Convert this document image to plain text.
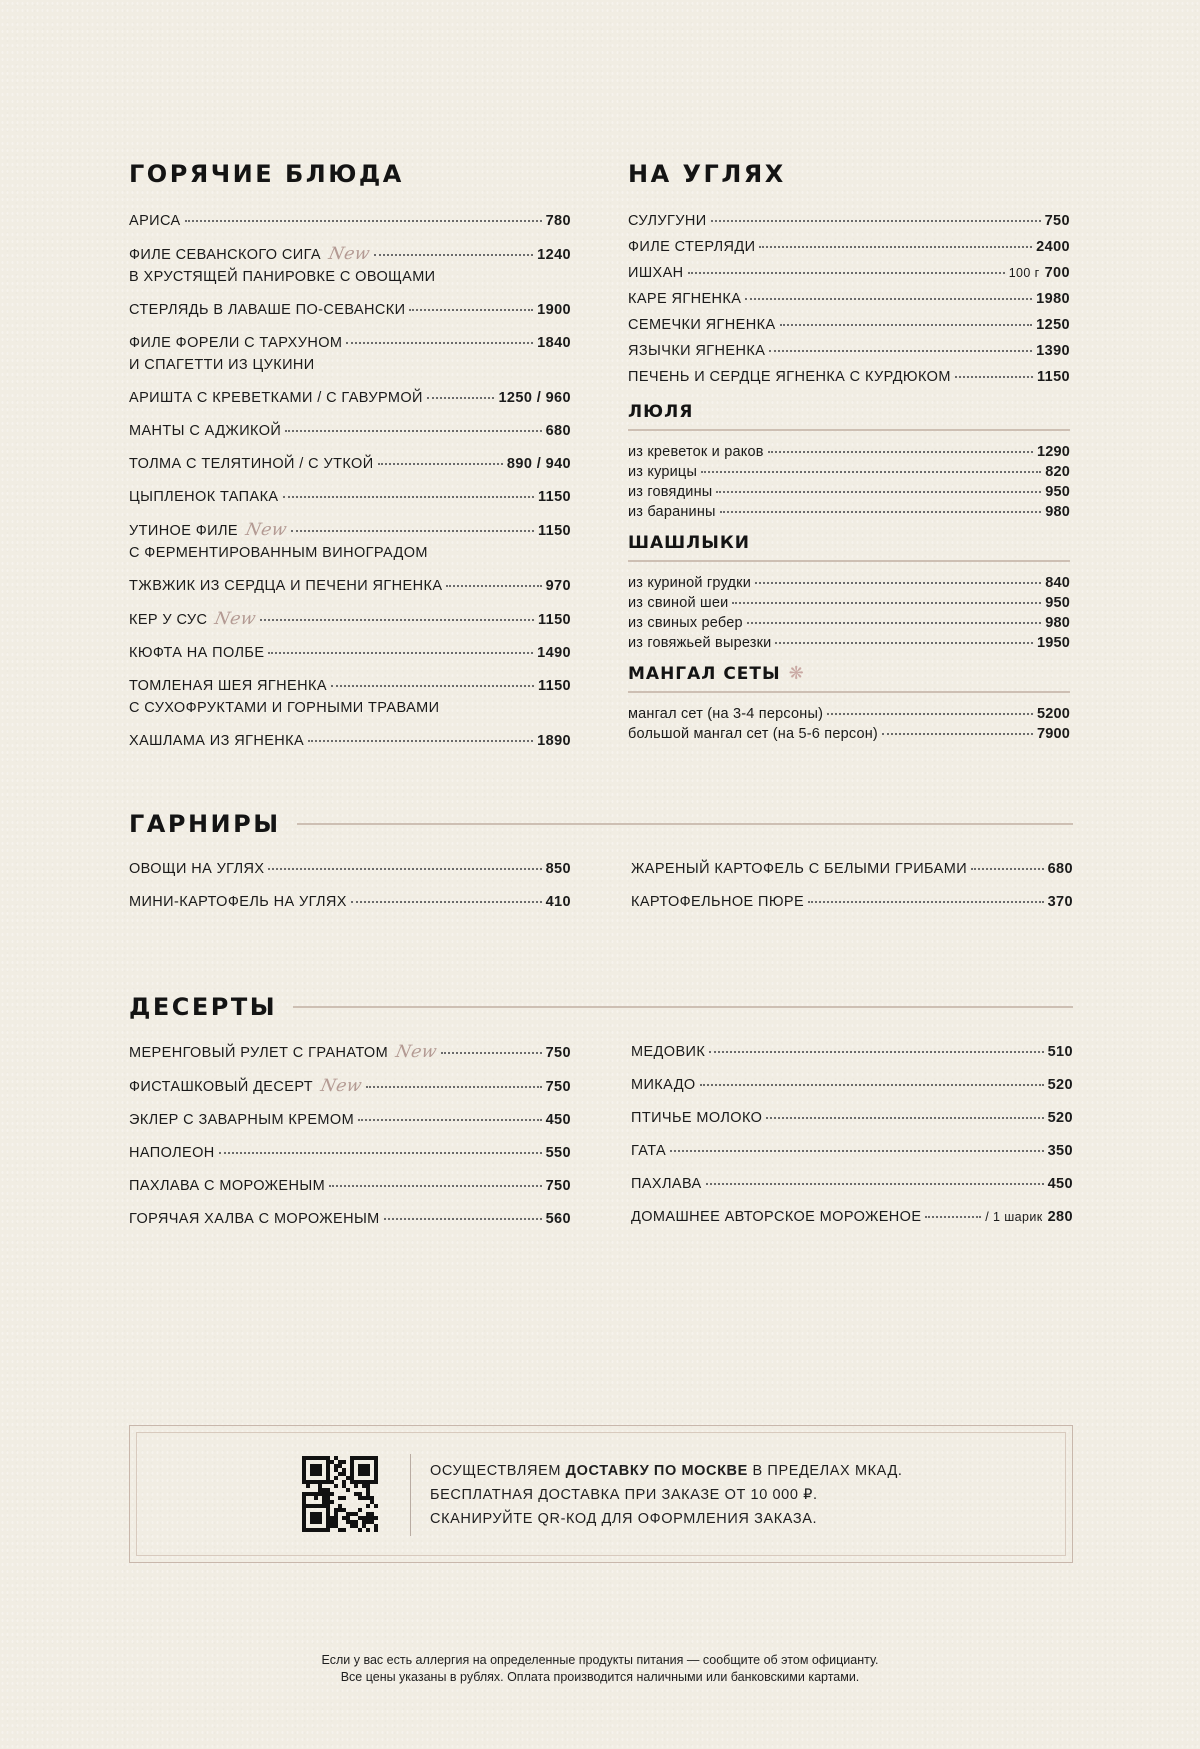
ГОРЯЧИЕ БЛЮДА
АРИСА	780
ФИЛЕ СЕВАНСКОГО СИГА New	1240
В ХРУСТЯЩЕЙ ПАНИРОВКЕ С ОВОЩАМИ
СТЕРЛЯДЬ В ЛАВАШЕ ПО-СЕВАНСКИ	1900
ФИЛЕ ФОРЕЛИ С ТАРХУНОМ	1840
И СПАГЕТТИ ИЗ ЦУКИНИ
АРИШТА С КРЕВЕТКАМИ / С ГАВУРМОЙ	1250 / 960
МАНТЫ С АДЖИКОЙ	680
ТОЛМА С ТЕЛЯТИНОЙ / С УТКОЙ	890 / 940
ЦЫПЛЕНОК ТАПАКА	1150
УТИНОЕ ФИЛЕ New	1150
С ФЕРМЕНТИРОВАННЫМ ВИНОГРАДОМ
ТЖВЖИК ИЗ СЕРДЦА И ПЕЧЕНИ ЯГНЕНКА	970
КЕР У СУС New	1150
КЮФТА НА ПОЛБЕ	1490
ТОМЛЕНАЯ ШЕЯ ЯГНЕНКА	1150
С СУХОФРУКТАМИ И ГОРНЫМИ ТРАВАМИ
ХАШЛАМА ИЗ ЯГНЕНКА	1890
НА УГЛЯХ
СУЛУГУНИ	750
ФИЛЕ СТЕРЛЯДИ	2400
ИШХАН	100 г 700
КАРЕ ЯГНЕНКА	1980
СЕМЕЧКИ ЯГНЕНКА	1250
ЯЗЫЧКИ ЯГНЕНКА	1390
ПЕЧЕНЬ И СЕРДЦЕ ЯГНЕНКА С КУРДЮКОМ	1150
ЛЮЛЯ
из креветок и раков	1290
из курицы	820
из говядины	950
из баранины	980
ШАШЛЫКИ
из куриной грудки	840
из свиной шеи	950
из свиных ребер	980
из говяжьей вырезки	1950
МАНГАЛ СЕТЫ ❋
мангал сет (на 3-4 персоны)	5200
большой мангал сет (на 5-6 персон)	7900
ГАРНИРЫ
ОВОЩИ НА УГЛЯХ	850
МИНИ-КАРТОФЕЛЬ НА УГЛЯХ	410
ЖАРЕНЫЙ КАРТОФЕЛЬ С БЕЛЫМИ ГРИБАМИ	680
КАРТОФЕЛЬНОЕ ПЮРЕ	370
ДЕСЕРТЫ
МЕРЕНГОВЫЙ РУЛЕТ С ГРАНАТОМ New	750
ФИСТАШКОВЫЙ ДЕСЕРТ New	750
ЭКЛЕР С ЗАВАРНЫМ КРЕМОМ	450
НАПОЛЕОН	550
ПАХЛАВА С МОРОЖЕНЫМ	750
ГОРЯЧАЯ ХАЛВА С МОРОЖЕНЫМ	560
МЕДОВИК	510
МИКАДО	520
ПТИЧЬЕ МОЛОКО	520
ГАТА	350
ПАХЛАВА	450
ДОМАШНЕЕ АВТОРСКОЕ МОРОЖЕНОЕ	/ 1 шарик 280
ОСУЩЕСТВЛЯЕМ ДОСТАВКУ ПО МОСКВЕ В ПРЕДЕЛАХ МКАД.
БЕСПЛАТНАЯ ДОСТАВКА ПРИ ЗАКАЗЕ ОТ 10 000 ₽.
СКАНИРУЙТЕ QR-КОД ДЛЯ ОФОРМЛЕНИЯ ЗАКАЗА.
Если у вас есть аллергия на определенные продукты питания — сообщите об этом официанту.
Все цены указаны в рублях. Оплата производится наличными или банковскими картами.
